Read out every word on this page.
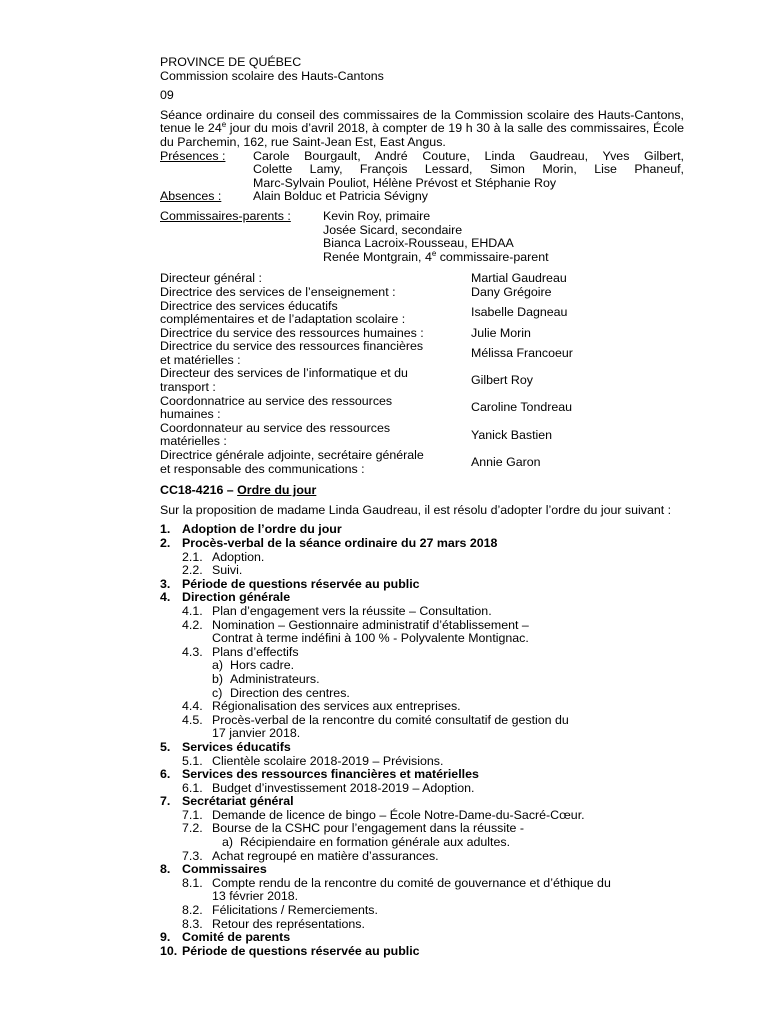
PROVINCE DE QUÉBEC
Commission scolaire des Hauts-Cantons
09
Séance ordinaire du conseil des commissaires de la Commission scolaire des Hauts-Cantons, tenue le 24e jour du mois d’avril 2018, à compter de 19 h 30 à la salle des commissaires, École du Parchemin, 162, rue Saint-Jean Est, East Angus.
Présences :	Carole Bourgault, André Couture, Linda Gaudreau, Yves Gilbert,
Colette Lamy, François Lessard, Simon Morin, Lise Phaneuf,
Marc-Sylvain Pouliot, Hélène Prévost et Stéphanie Roy
Absences :	Alain Bolduc et Patricia Sévigny
Commissaires-parents :	Kevin Roy, primaire
Josée Sicard, secondaire
Bianca Lacroix-Rousseau, EHDAA
Renée Montgrain, 4e commissaire-parent
Directeur général :	Martial Gaudreau
Directrice des services de l’enseignement :	Dany Grégoire
Directrice des services éducatifs
complémentaires et de l’adaptation scolaire :	Isabelle Dagneau
Directrice du service des ressources humaines :	Julie Morin
Directrice du service des ressources financières
et matérielles :	Mélissa Francoeur
Directeur des services de l’informatique et du
transport :	Gilbert Roy
Coordonnatrice au service des ressources
humaines :	Caroline Tondreau
Coordonnateur au service des ressources
matérielles :	Yanick Bastien
Directrice générale adjointe, secrétaire générale
et responsable des communications :	Annie Garon
CC18-4216 – Ordre du jour
Sur la proposition de madame Linda Gaudreau, il est résolu d’adopter l’ordre du jour suivant :
1. Adoption de l’ordre du jour
2. Procès-verbal de la séance ordinaire du 27 mars 2018
2.1. Adoption.
2.2. Suivi.
3. Période de questions réservée au public
4. Direction générale
4.1. Plan d’engagement vers la réussite – Consultation.
4.2. Nomination – Gestionnaire administratif d’établissement –
Contrat à terme indéfini à 100 % - Polyvalente Montignac.
4.3. Plans d’effectifs
a) Hors cadre.
b) Administrateurs.
c) Direction des centres.
4.4. Régionalisation des services aux entreprises.
4.5. Procès-verbal de la rencontre du comité consultatif de gestion du
17 janvier 2018.
5. Services éducatifs
5.1. Clientèle scolaire 2018-2019 – Prévisions.
6. Services des ressources financières et matérielles
6.1. Budget d’investissement 2018-2019 – Adoption.
7. Secrétariat général
7.1. Demande de licence de bingo – École Notre-Dame-du-Sacré-Cœur.
7.2. Bourse de la CSHC pour l’engagement dans la réussite -
a) Récipiendaire en formation générale aux adultes.
7.3. Achat regroupé en matière d’assurances.
8. Commissaires
8.1. Compte rendu de la rencontre du comité de gouvernance et d’éthique du
13 février 2018.
8.2. Félicitations / Remerciements.
8.3. Retour des représentations.
9. Comité de parents
10. Période de questions réservée au public
